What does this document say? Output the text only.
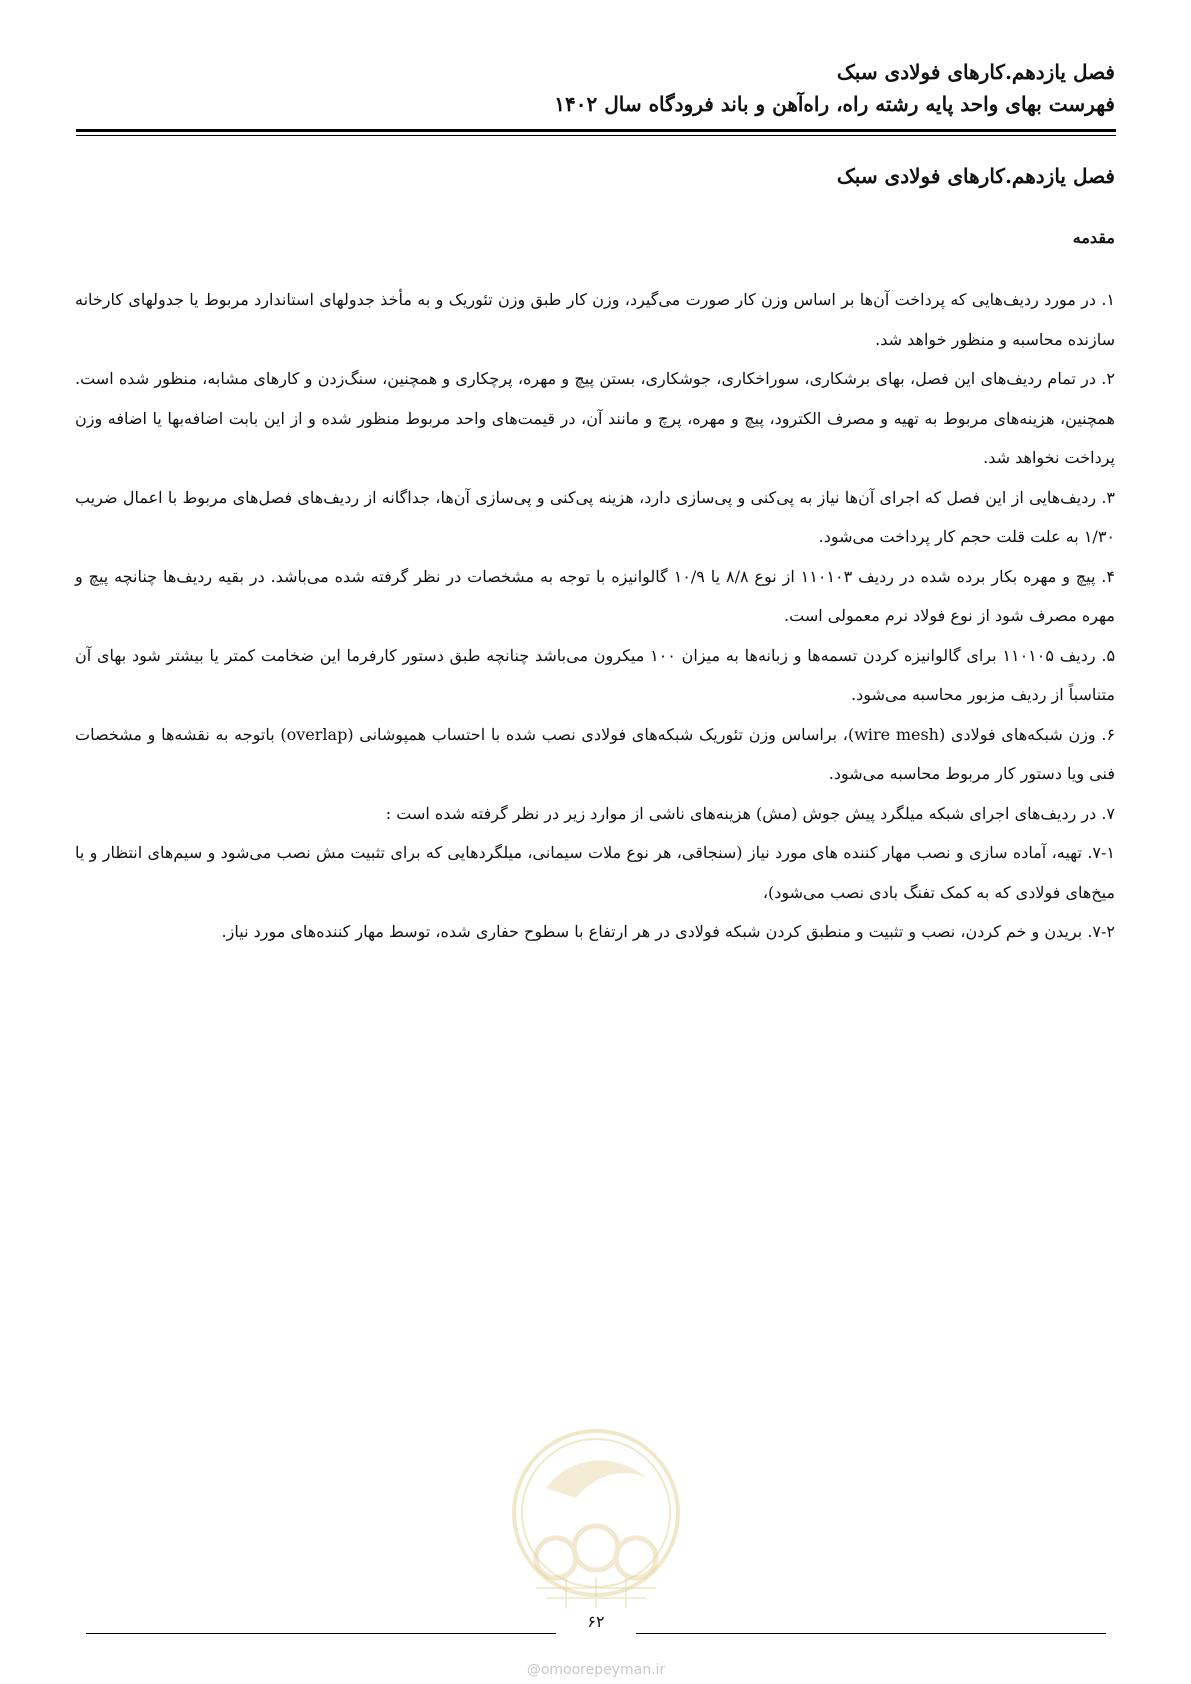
فصل یازدهم.کارهای فولادی سبک
فهرست بهای واحد پایه رشته راه، راه‌آهن و باند فرودگاه سال ۱۴۰۲
فصل یازدهم.کارهای فولادی سبک
مقدمه

۱. در مورد ردیف‌هایی که پرداخت آن‌ها بر اساس وزن کار صورت می‌گیرد، وزن کار طبق وزن تئوریک و به مأخذ جدولهای استاندارد مربوط یا جدولهای کارخانه سازنده محاسبه و منظور خواهد شد.

۲. در تمام ردیف‌های این فصل، بهای برشکاری، سوراخکاری، جوشکاری، بستن پیچ و مهره، پرچکاری و همچنین، سنگ‌زدن و کارهای مشابه، منظور شده است. همچنین، هزینه‌های مربوط به تهیه و مصرف الکترود، پیچ و مهره، پرچ و مانند آن، در قیمت‌های واحد مربوط منظور شده و از این بابت اضافه‌بها یا اضافه وزن پرداخت نخواهد شد.

۳. ردیف‌هایی از این فصل که اجرای آن‌ها نیاز به پی‌کنی و پی‌سازی دارد، هزینه پی‌کنی و پی‌سازی آن‌ها، جداگانه از ردیف‌های فصل‌های مربوط با اعمال ضریب ۱/۳۰ به علت قلت حجم کار پرداخت می‌شود.

۴. پیچ و مهره بکار برده شده در ردیف ۱۱۰۱۰۳ از نوع ۸/۸ یا ۱۰/۹ گالوانیزه با توجه به مشخصات در نظر گرفته شده می‌باشد. در بقیه ردیف‌ها چنانچه پیچ و مهره مصرف شود از نوع فولاد نرم معمولی است.

۵. ردیف ۱۱۰۱۰۵ برای گالوانیزه کردن تسمه‌ها و زبانه‌ها به میزان ۱۰۰ میکرون می‌باشد چنانچه طبق دستور کارفرما این ضخامت کمتر یا بیشتر شود بهای آن متناسباً از ردیف مزبور محاسبه می‌شود.

۶. وزن شبکه‌های فولادی (wire mesh)، براساس وزن تئوریک شبکه‌های فولادی نصب شده با احتساب همپوشانی (overlap) باتوجه به نقشه‌ها و مشخصات فنی ویا دستور کار مربوط محاسبه می‌شود.

۷. در ردیف‌های اجرای شبکه میلگرد پیش جوش (مش) هزینه‌های ناشی از موارد زیر در نظر گرفته شده است :

۷-۱. تهیه، آماده سازی و نصب مهار کننده های مورد نیاز (سنجاقی، هر نوع ملات سیمانی، میلگردهایی که برای تثبیت مش نصب می‌شود و سیم‌های انتظار و یا میخ‌های فولادی که به کمک تفنگ بادی نصب می‌شود)،

۷-۲. بریدن و خم کردن، نصب و تثبیت و منطبق کردن شبکه فولادی در هر ارتفاع با سطوح حفاری شده، توسط مهار کننده‌های مورد نیاز.

۶۲
@omoorepeyman.ir
